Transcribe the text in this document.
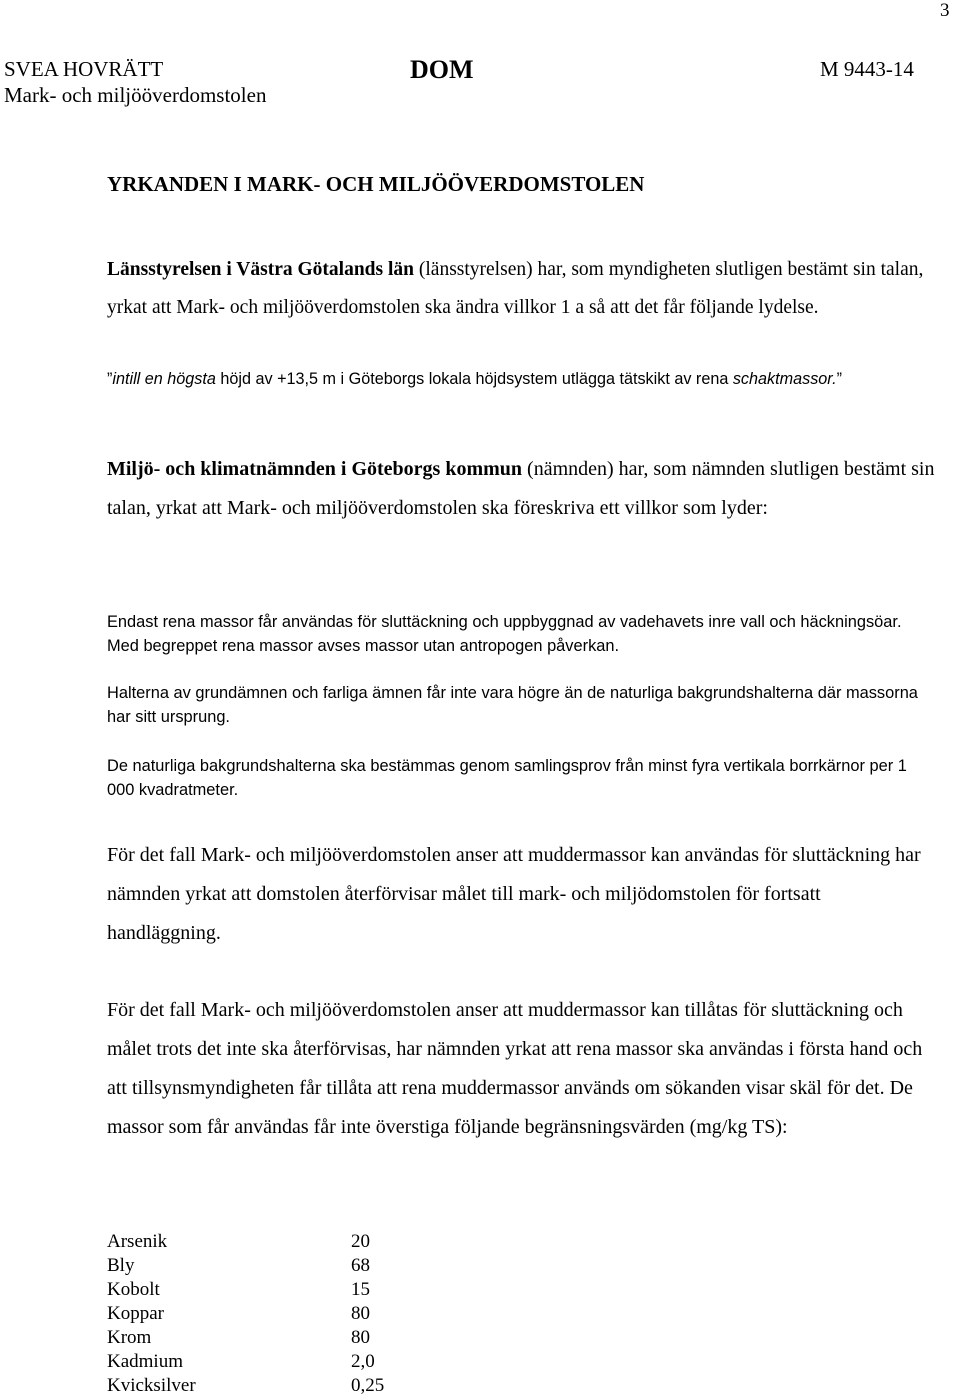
3
SVEA HOVRÄTT
Mark- och miljööverdomstolen
DOM	M 9443-14
YRKANDEN I MARK- OCH MILJÖÖVERDOMSTOLEN

Länsstyrelsen i Västra Götalands län (länsstyrelsen) har, som myndigheten slutligen bestämt sin talan, yrkat att Mark- och miljööverdomstolen ska ändra villkor 1 a så att det får följande lydelse.

”intill en högsta höjd av +13,5 m i Göteborgs lokala höjdsystem utlägga tätskikt av rena schaktmassor.”

Miljö- och klimatnämnden i Göteborgs kommun (nämnden) har, som nämnden slutligen bestämt sin talan, yrkat att Mark- och miljööverdomstolen ska föreskriva ett villkor som lyder:

Endast rena massor får användas för sluttäckning och uppbyggnad av vadehavets inre vall och häckningsöar. Med begreppet rena massor avses massor utan antropogen påverkan.

Halterna av grundämnen och farliga ämnen får inte vara högre än de naturliga bakgrundshalterna där massorna har sitt ursprung.

De naturliga bakgrundshalterna ska bestämmas genom samlingsprov från minst fyra vertikala borrkärnor per 1 000 kvadratmeter.

För det fall Mark- och miljööverdomstolen anser att muddermassor kan användas för sluttäckning har nämnden yrkat att domstolen återförvisar målet till mark- och miljödomstolen för fortsatt handläggning.

För det fall Mark- och miljööverdomstolen anser att muddermassor kan tillåtas för sluttäckning och målet trots det inte ska återförvisas, har nämnden yrkat att rena massor ska användas i första hand och att tillsynsmyndigheten får tillåta att rena muddermassor används om sökanden visar skäl för det. De massor som får användas får inte överstiga följande begränsningsvärden (mg/kg TS):

Arsenik	20
Bly	68
Kobolt	15
Koppar	80
Krom	80
Kadmium	2,0
Kvicksilver	0,25
